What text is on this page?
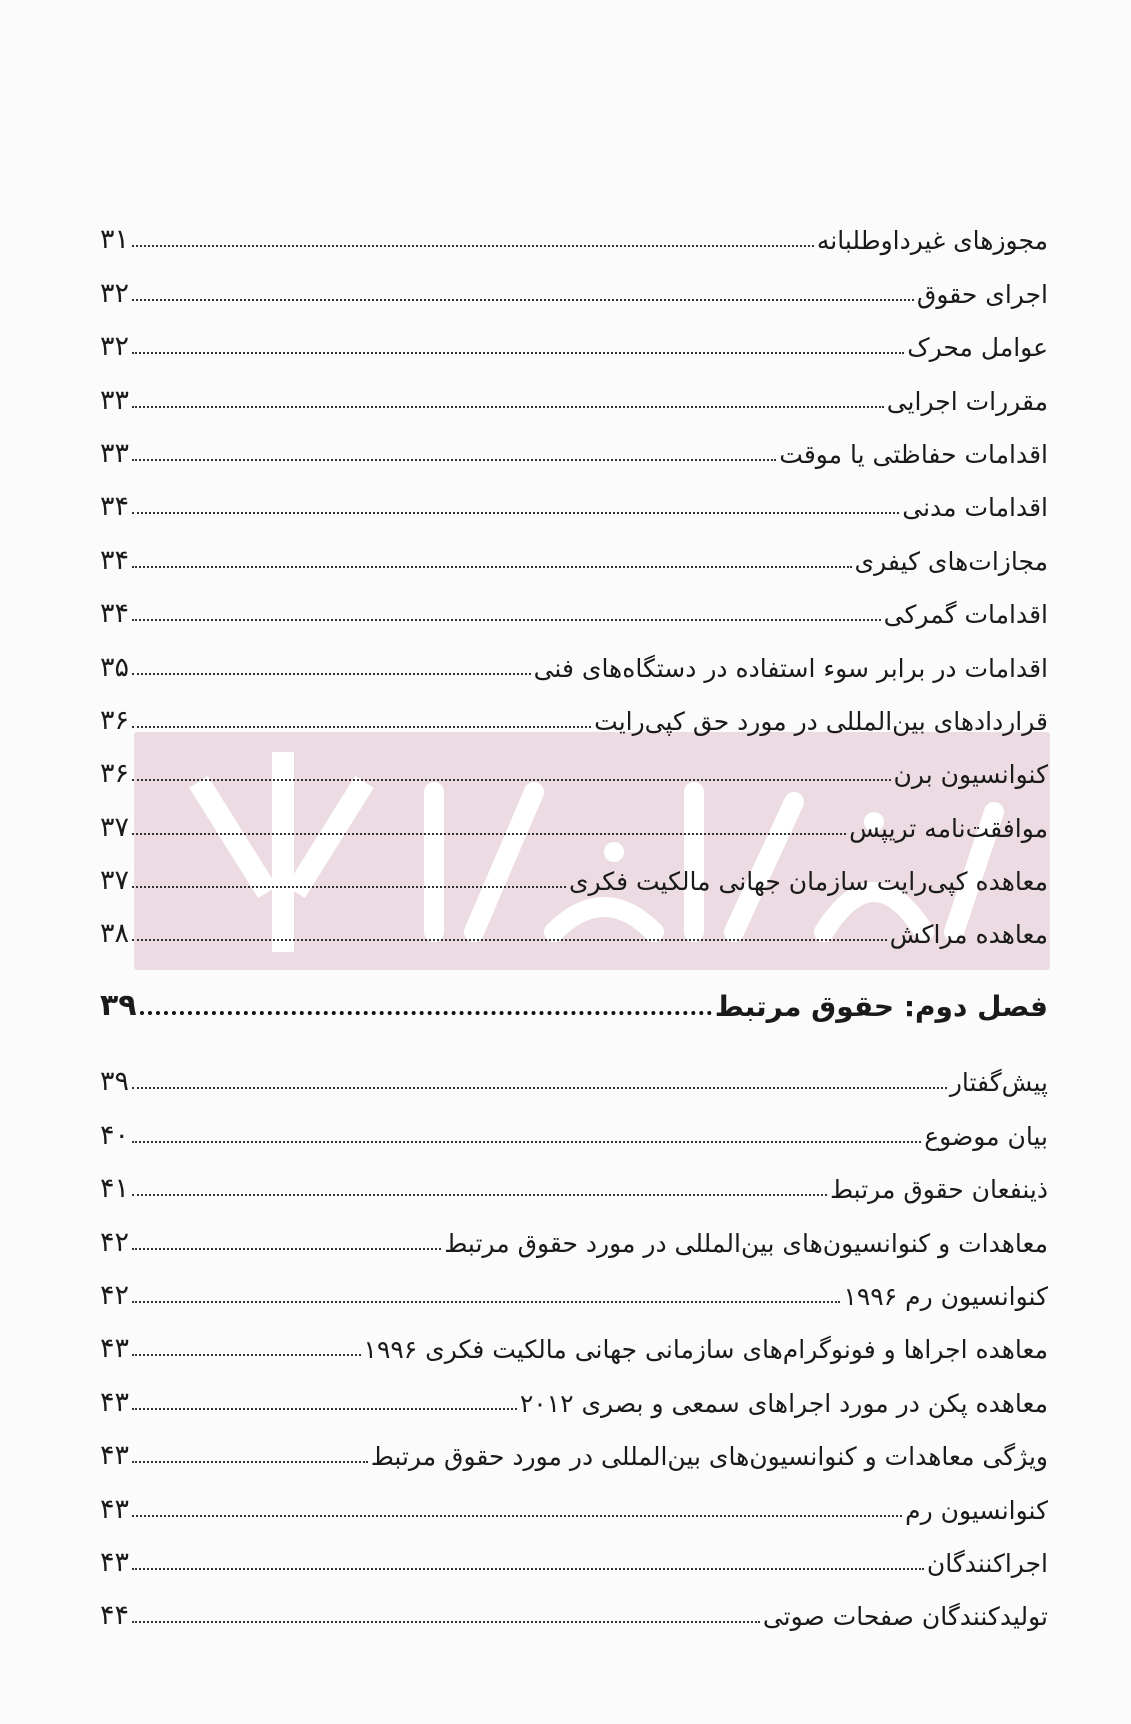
مجوزهای غیرداوطلبانه
۳۱
اجرای حقوق
۳۲
عوامل محرک
۳۲
مقررات اجرایی
۳۳
اقدامات حفاظتی یا موقت
۳۳
اقدامات مدنی
۳۴
مجازات‌های کیفری
۳۴
اقدامات گمرکی
۳۴
اقدامات در برابر سوء استفاده در دستگاه‌های فنی
۳۵
قراردادهای بین‌المللی در مورد حق کپی‌رایت
۳۶
کنوانسیون برن
۳۶
موافقت‌نامه تریپس
۳۷
معاهده کپی‌رایت سازمان جهانی مالکیت فکری
۳۷
معاهده مراکش
۳۸
فصل دوم: حقوق مرتبط
۳۹
پیش‌گفتار
۳۹
بیان موضوع
۴۰
ذینفعان حقوق مرتبط
۴۱
معاهدات و کنوانسیون‌های بین‌المللی در مورد حقوق مرتبط
۴۲
کنوانسیون رم ۱۹۹۶
۴۲
معاهده اجراها و فونوگرام‌های سازمانی جهانی مالکیت فکری ۱۹۹۶
۴۳
معاهده پکن در مورد اجراهای سمعی و بصری ۲۰۱۲
۴۳
ویژگی معاهدات و کنوانسیون‌های بین‌المللی در مورد حقوق مرتبط
۴۳
کنوانسیون رم
۴۳
اجراکنندگان
۴۳
تولیدکنندگان صفحات صوتی
۴۴
